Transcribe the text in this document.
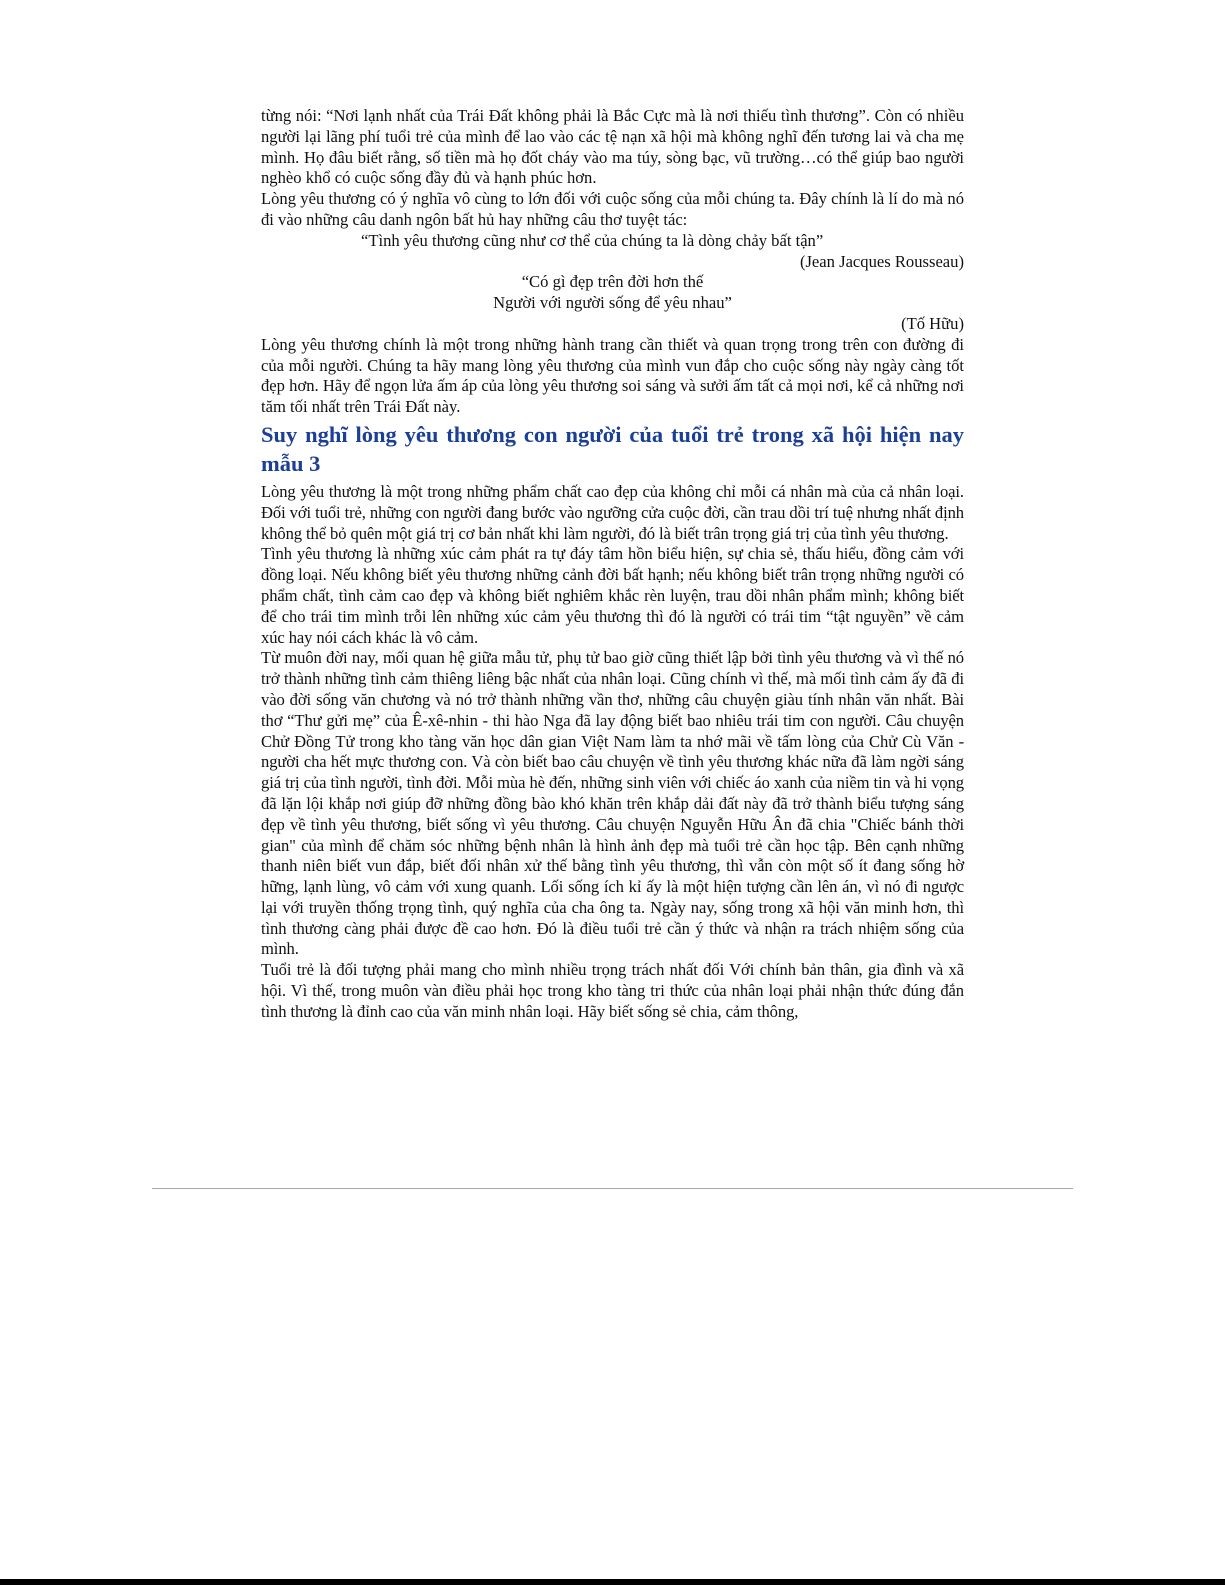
từng nói: “Nơi lạnh nhất của Trái Đất không phải là Bắc Cực mà là nơi thiếu tình thương”. Còn có nhiều người lại lãng phí tuổi trẻ của mình để lao vào các tệ nạn xã hội mà không nghĩ đến tương lai và cha mẹ mình. Họ đâu biết rằng, số tiền mà họ đốt cháy vào ma túy, sòng bạc, vũ trường…có thể giúp bao người nghèo khổ có cuộc sống đầy đủ và hạnh phúc hơn.

Lòng yêu thương có ý nghĩa vô cùng to lớn đối với cuộc sống của mỗi chúng ta. Đây chính là lí do mà nó đi vào những câu danh ngôn bất hủ hay những câu thơ tuyệt tác:

“Tình yêu thương cũng như cơ thể của chúng ta là dòng chảy bất tận”

(Jean Jacques Rousseau)

“Có gì đẹp trên đời hơn thế

Người với người sống để yêu nhau”

(Tố Hữu)

Lòng yêu thương chính là một trong những hành trang cần thiết và quan trọng trong trên con đường đi của mỗi người. Chúng ta hãy mang lòng yêu thương của mình vun đắp cho cuộc sống này ngày càng tốt đẹp hơn. Hãy để ngọn lửa ấm áp của lòng yêu thương soi sáng và sưởi ấm tất cả mọi nơi, kể cả những nơi tăm tối nhất trên Trái Đất này.

Suy nghĩ lòng yêu thương con người của tuổi trẻ trong xã hội hiện nay mẫu 3

Lòng yêu thương là một trong những phẩm chất cao đẹp của không chỉ mỗi cá nhân mà của cả nhân loại. Đối với tuổi trẻ, những con người đang bước vào ngưỡng cửa cuộc đời, cần trau dồi trí tuệ nhưng nhất định không thể bỏ quên một giá trị cơ bản nhất khi làm người, đó là biết trân trọng giá trị của tình yêu thương.

Tình yêu thương là những xúc cảm phát ra tự đáy tâm hồn biểu hiện, sự chia sẻ, thấu hiểu, đồng cảm với đồng loại. Nếu không biết yêu thương những cảnh đời bất hạnh; nếu không biết trân trọng những người có phẩm chất, tình cảm cao đẹp và không biết nghiêm khắc rèn luyện, trau dồi nhân phẩm mình; không biết để cho trái tim mình trỗi lên những xúc cảm yêu thương thì đó là người có trái tim “tật nguyền” về cảm xúc hay nói cách khác là vô cảm.

Từ muôn đời nay, mối quan hệ giữa mẫu tử, phụ tử bao giờ cũng thiết lập bởi tình yêu thương và vì thế nó trở thành những tình cảm thiêng liêng bậc nhất của nhân loại. Cũng chính vì thế, mà mối tình cảm ấy đã đi vào đời sống văn chương và nó trở thành những vần thơ, những câu chuyện giàu tính nhân văn nhất. Bài thơ “Thư gửi mẹ” của Ê-xê-nhin - thi hào Nga đã lay động biết bao nhiêu trái tim con người. Câu chuyện Chử Đồng Tử trong kho tàng văn học dân gian Việt Nam làm ta nhớ mãi về tấm lòng của Chử Cù Văn - người cha hết mực thương con. Và còn biết bao câu chuyện về tình yêu thương khác nữa đã làm ngời sáng giá trị của tình người, tình đời. Mỗi mùa hè đến, những sinh viên với chiếc áo xanh của niềm tin và hi vọng đã lặn lội khắp nơi giúp đỡ những đồng bào khó khăn trên khắp dải đất này đã trở thành biểu tượng sáng đẹp về tình yêu thương, biết sống vì yêu thương. Câu chuyện Nguyễn Hữu Ân đã chia "Chiếc bánh thời gian" của mình để chăm sóc những bệnh nhân là hình ảnh đẹp mà tuổi trẻ cần học tập. Bên cạnh những thanh niên biết vun đắp, biết đối nhân xử thế bằng tình yêu thương, thì vẫn còn một số ít đang sống hờ hững, lạnh lùng, vô cảm với xung quanh. Lối sống ích kỉ ấy là một hiện tượng cần lên án, vì nó đi ngược lại với truyền thống trọng tình, quý nghĩa của cha ông ta. Ngày nay, sống trong xã hội văn minh hơn, thì tình thương càng phải được đề cao hơn. Đó là điều tuổi trẻ cần ý thức và nhận ra trách nhiệm sống của mình.

Tuổi trẻ là đối tượng phải mang cho mình nhiều trọng trách nhất đối Với chính bản thân, gia đình và xã hội. Vì thế, trong muôn vàn điều phải học trong kho tàng tri thức của nhân loại phải nhận thức đúng đắn tình thương là đỉnh cao của văn minh nhân loại. Hãy biết sống sẻ chia, cảm thông,
